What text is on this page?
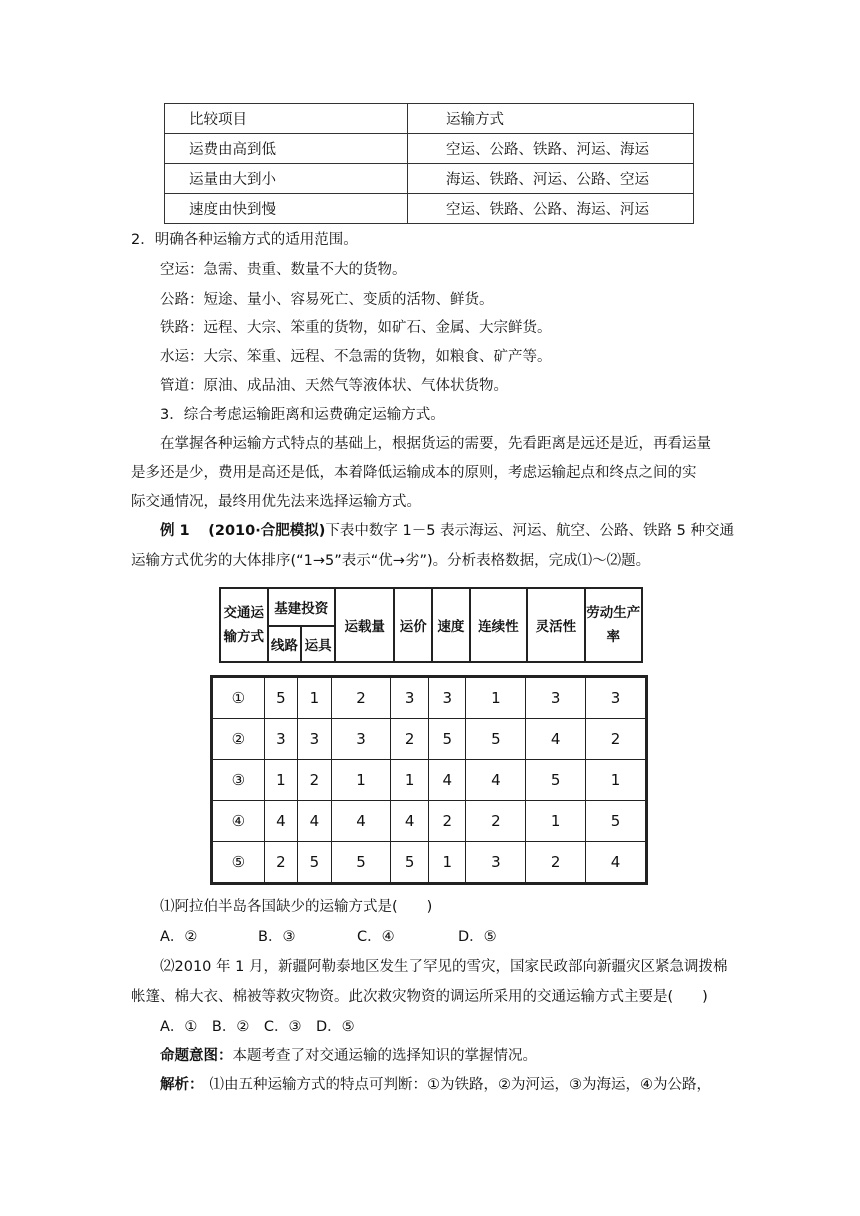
比较项目	运输方式
运费由高到低	空运、公路、铁路、河运、海运
运量由大到小	海运、铁路、河运、公路、空运
速度由快到慢	空运、铁路、公路、海运、河运
2．明确各种运输方式的适用范围。
空运：急需、贵重、数量不大的货物。
公路：短途、量小、容易死亡、变质的活物、鲜货。
铁路：远程、大宗、笨重的货物，如矿石、金属、大宗鲜货。
水运：大宗、笨重、远程、不急需的货物，如粮食、矿产等。
管道：原油、成品油、天然气等液体状、气体状货物。
3．综合考虑运输距离和运费确定运输方式。
在掌握各种运输方式特点的基础上，根据货运的需要，先看距离是远还是近，再看运量
是多还是少，费用是高还是低，本着降低运输成本的原则，考虑运输起点和终点之间的实
际交通情况，最终用优先法来选择运输方式。
例 1 (2010·合肥模拟)下表中数字 1－5 表示海运、河运、航空、公路、铁路 5 种交通
运输方式优劣的大体排序(“1→5”表示“优→劣”)。分析表格数据，完成⑴～⑵题。
交通运输方式	基建投资		运载量	运价	速度	连续性	灵活性	劳动生产率
	线路	运具						
①	5	1	2	3	3	1	3	3
②	3	3	3	2	5	5	4	2
③	1	2	1	1	4	4	5	1
④	4	4	4	4	2	2	1	5
⑤	2	5	5	5	1	3	2	4
⑴阿拉伯半岛各国缺少的运输方式是(　　)
A．②	B．③	C．④	D．⑤
⑵2010 年 1 月，新疆阿勒泰地区发生了罕见的雪灾，国家民政部向新疆灾区紧急调拨棉
帐篷、棉大衣、棉被等救灾物资。此次救灾物资的调运所采用的交通运输方式主要是(　　)
A．①　B．②　C．③　D．⑤
命题意图：本题考查了对交通运输的选择知识的掌握情况。
解析： ⑴由五种运输方式的特点可判断：①为铁路，②为河运，③为海运，④为公路，
